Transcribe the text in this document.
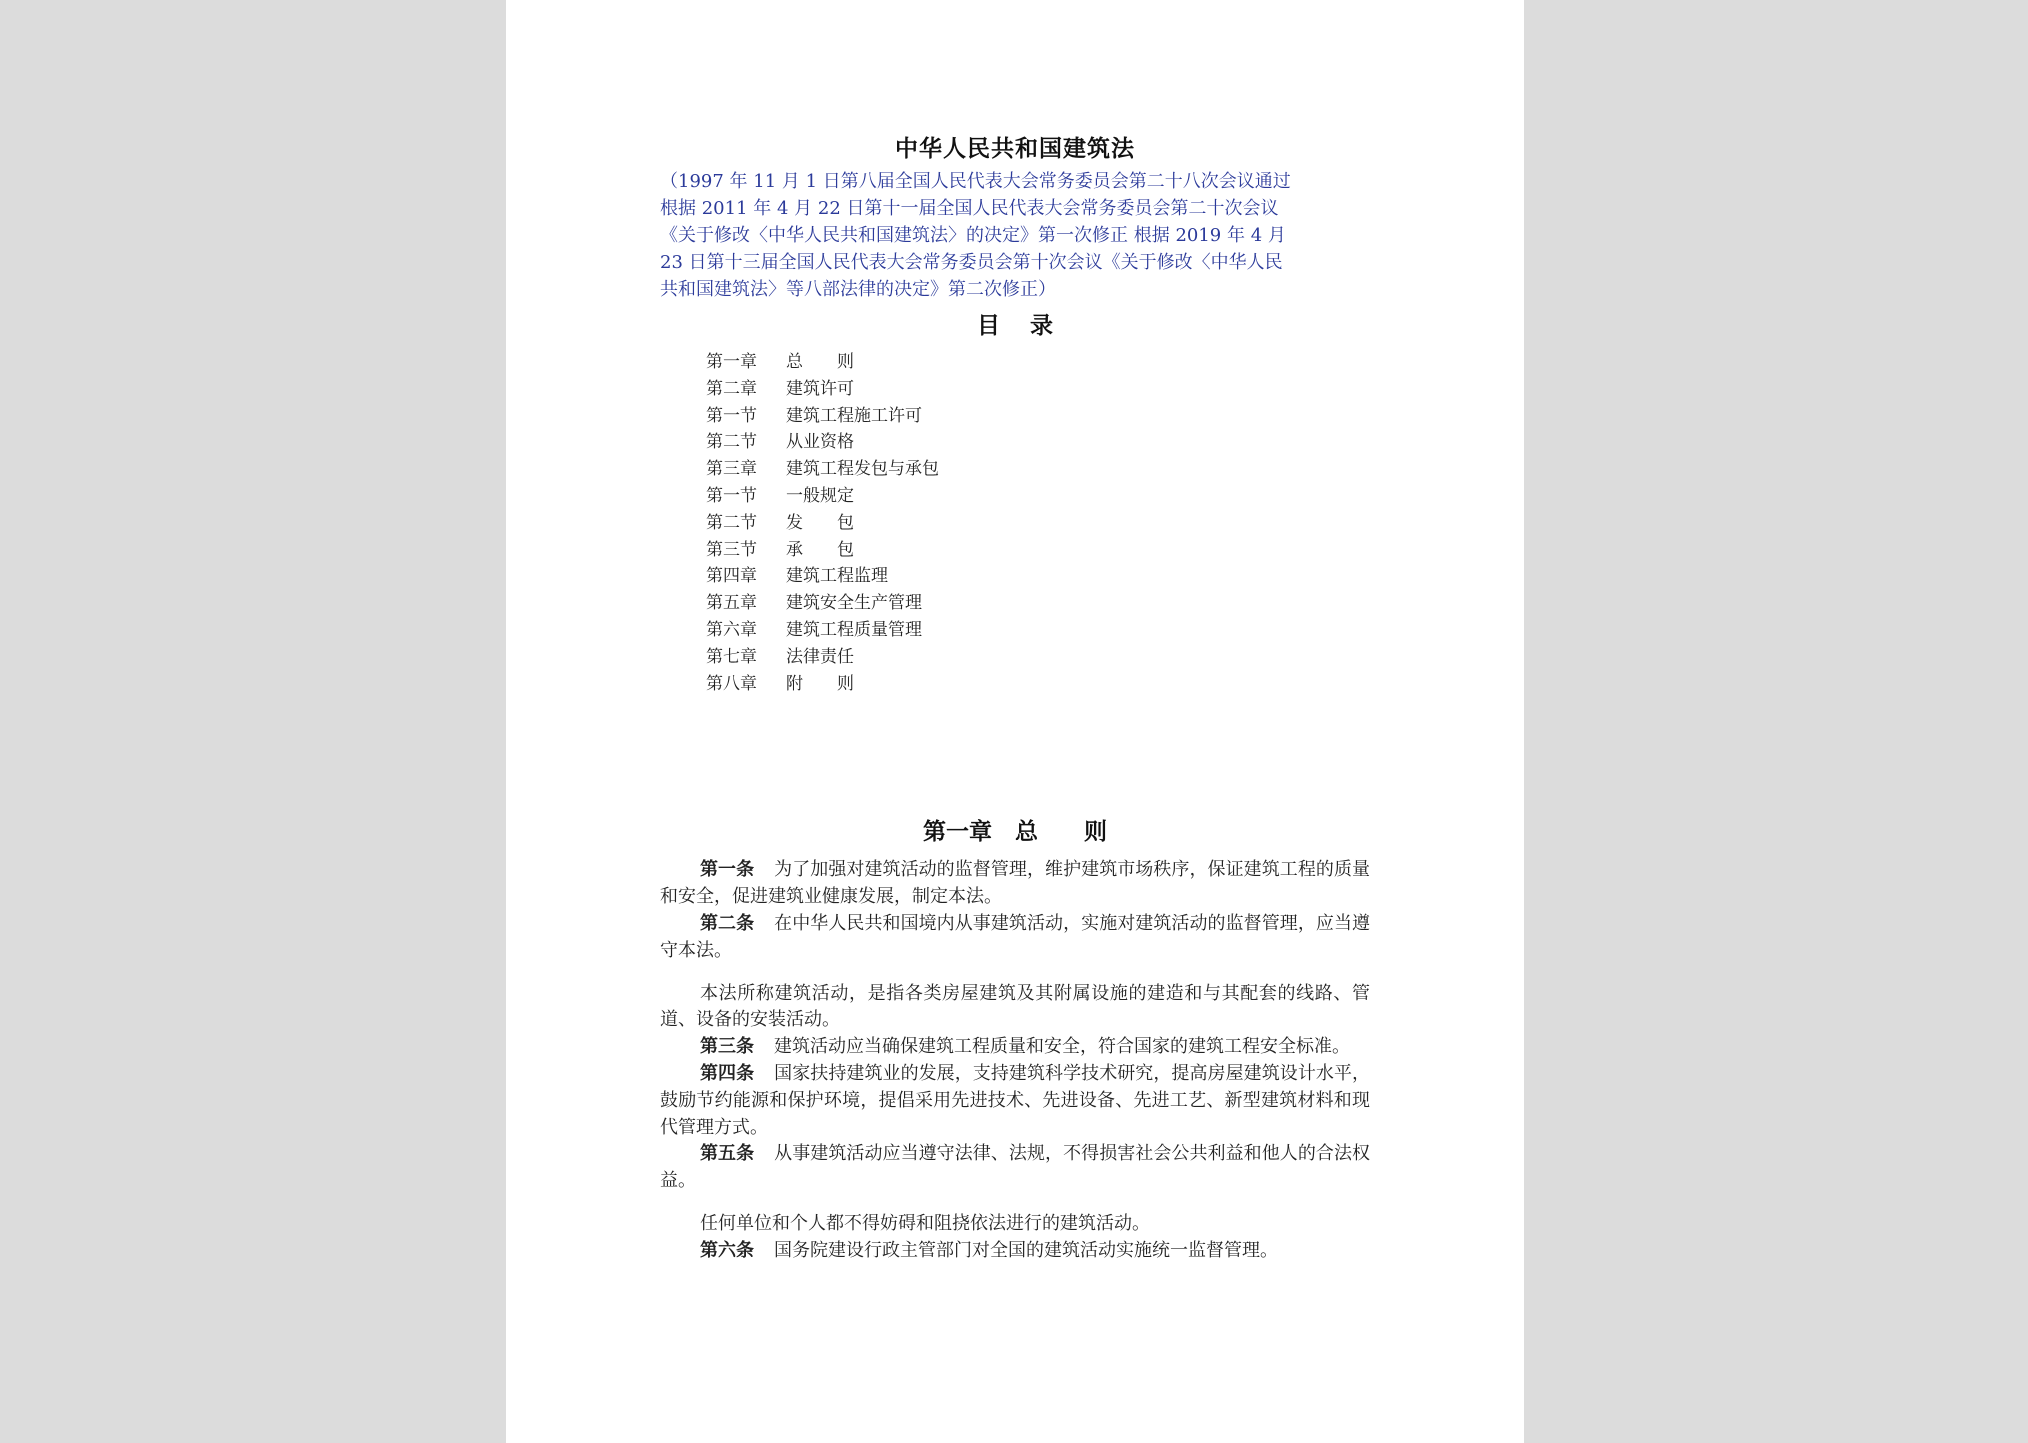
中华人民共和国建筑法
（1997 年 11 月 1 日第八届全国人民代表大会常务委员会第二十八次会议通过
根据 2011 年 4 月 22 日第十一届全国人民代表大会常务委员会第二十次会议
《关于修改〈中华人民共和国建筑法〉的决定》第一次修正 根据 2019 年 4 月
23 日第十三届全国人民代表大会常务委员会第十次会议《关于修改〈中华人民
共和国建筑法〉等八部法律的决定》第二次修正）
目录
第一章 总　　则
第二章 建筑许可
第一节 建筑工程施工许可
第二节 从业资格
第三章 建筑工程发包与承包
第一节 一般规定
第二节 发　　包
第三节 承　　包
第四章 建筑工程监理
第五章 建筑安全生产管理
第六章 建筑工程质量管理
第七章 法律责任
第八章 附　　则
第一章　总　　则

第一条 为了加强对建筑活动的监督管理，维护建筑市场秩序，保证建筑工程的质量和安全，促进建筑业健康发展，制定本法。

第二条 在中华人民共和国境内从事建筑活动，实施对建筑活动的监督管理，应当遵守本法。

本法所称建筑活动，是指各类房屋建筑及其附属设施的建造和与其配套的线路、管道、设备的安装活动。

第三条 建筑活动应当确保建筑工程质量和安全，符合国家的建筑工程安全标准。

第四条 国家扶持建筑业的发展，支持建筑科学技术研究，提高房屋建筑设计水平，鼓励节约能源和保护环境，提倡采用先进技术、先进设备、先进工艺、新型建筑材料和现代管理方式。

第五条 从事建筑活动应当遵守法律、法规，不得损害社会公共利益和他人的合法权益。

任何单位和个人都不得妨碍和阻挠依法进行的建筑活动。

第六条 国务院建设行政主管部门对全国的建筑活动实施统一监督管理。
